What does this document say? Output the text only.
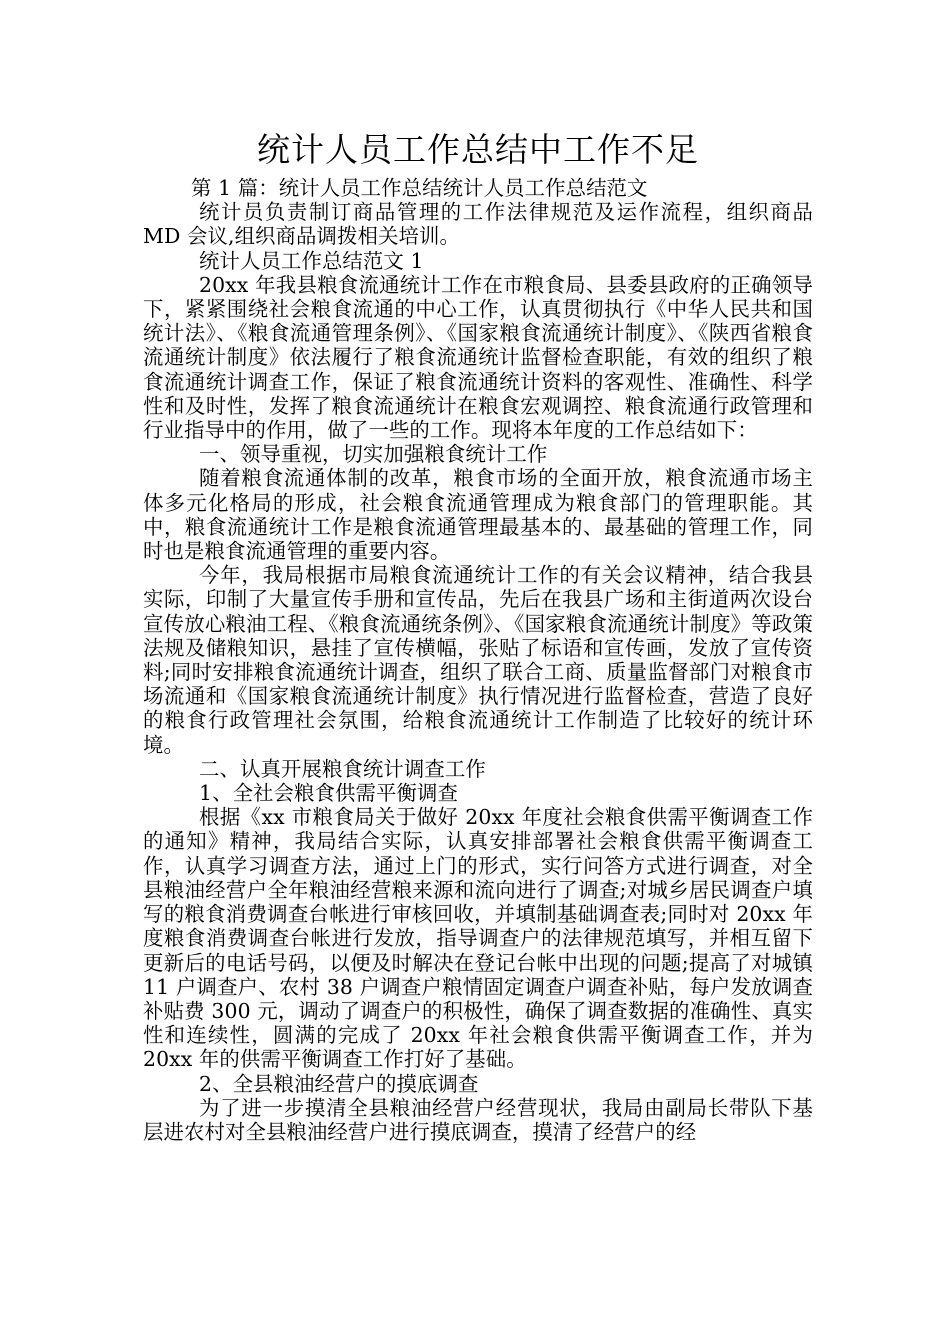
统计人员工作总结中工作不足

第 1 篇：统计人员工作总结统计人员工作总结范文

统计员负责制订商品管理的工作法律规范及运作流程，组织商品 MD 会议,组织商品调拨相关培训。

统计人员工作总结范文 1

20xx 年我县粮食流通统计工作在市粮食局、县委县政府的正确领导下，紧紧围绕社会粮食流通的中心工作，认真贯彻执行《中华人民共和国统计法》、《粮食流通管理条例》、《国家粮食流通统计制度》、《陕西省粮食流通统计制度》依法履行了粮食流通统计监督检查职能，有效的组织了粮食流通统计调查工作，保证了粮食流通统计资料的客观性、准确性、科学性和及时性，发挥了粮食流通统计在粮食宏观调控、粮食流通行政管理和行业指导中的作用，做了一些的工作。现将本年度的工作总结如下：

一、领导重视，切实加强粮食统计工作

随着粮食流通体制的改革，粮食市场的全面开放，粮食流通市场主体多元化格局的形成，社会粮食流通管理成为粮食部门的管理职能。其中，粮食流通统计工作是粮食流通管理最基本的、最基础的管理工作，同时也是粮食流通管理的重要内容。

今年，我局根据市局粮食流通统计工作的有关会议精神，结合我县实际，印制了大量宣传手册和宣传品，先后在我县广场和主街道两次设台宣传放心粮油工程、《粮食流通统条例》、《国家粮食流通统计制度》等政策法规及储粮知识，悬挂了宣传横幅，张贴了标语和宣传画，发放了宣传资料;同时安排粮食流通统计调查，组织了联合工商、质量监督部门对粮食市场流通和《国家粮食流通统计制度》执行情况进行监督检查，营造了良好的粮食行政管理社会氛围，给粮食流通统计工作制造了比较好的统计环境。

二、认真开展粮食统计调查工作

1、全社会粮食供需平衡调查

根据《xx 市粮食局关于做好 20xx 年度社会粮食供需平衡调查工作的通知》精神，我局结合实际，认真安排部署社会粮食供需平衡调查工作，认真学习调查方法，通过上门的形式，实行问答方式进行调查，对全县粮油经营户全年粮油经营粮来源和流向进行了调查;对城乡居民调查户填写的粮食消费调查台帐进行审核回收，并填制基础调查表;同时对 20xx 年度粮食消费调查台帐进行发放，指导调查户的法律规范填写，并相互留下更新后的电话号码，以便及时解决在登记台帐中出现的问题;提高了对城镇 11 户调查户、农村 38 户调查户粮情固定调查户调查补贴，每户发放调查补贴费 300 元，调动了调查户的积极性，确保了调查数据的准确性、真实性和连续性，圆满的完成了 20xx 年社会粮食供需平衡调查工作，并为 20xx 年的供需平衡调查工作打好了基础。

2、全县粮油经营户的摸底调查

为了进一步摸清全县粮油经营户经营现状，我局由副局长带队下基层进农村对全县粮油经营户进行摸底调查，摸清了经营户的经
